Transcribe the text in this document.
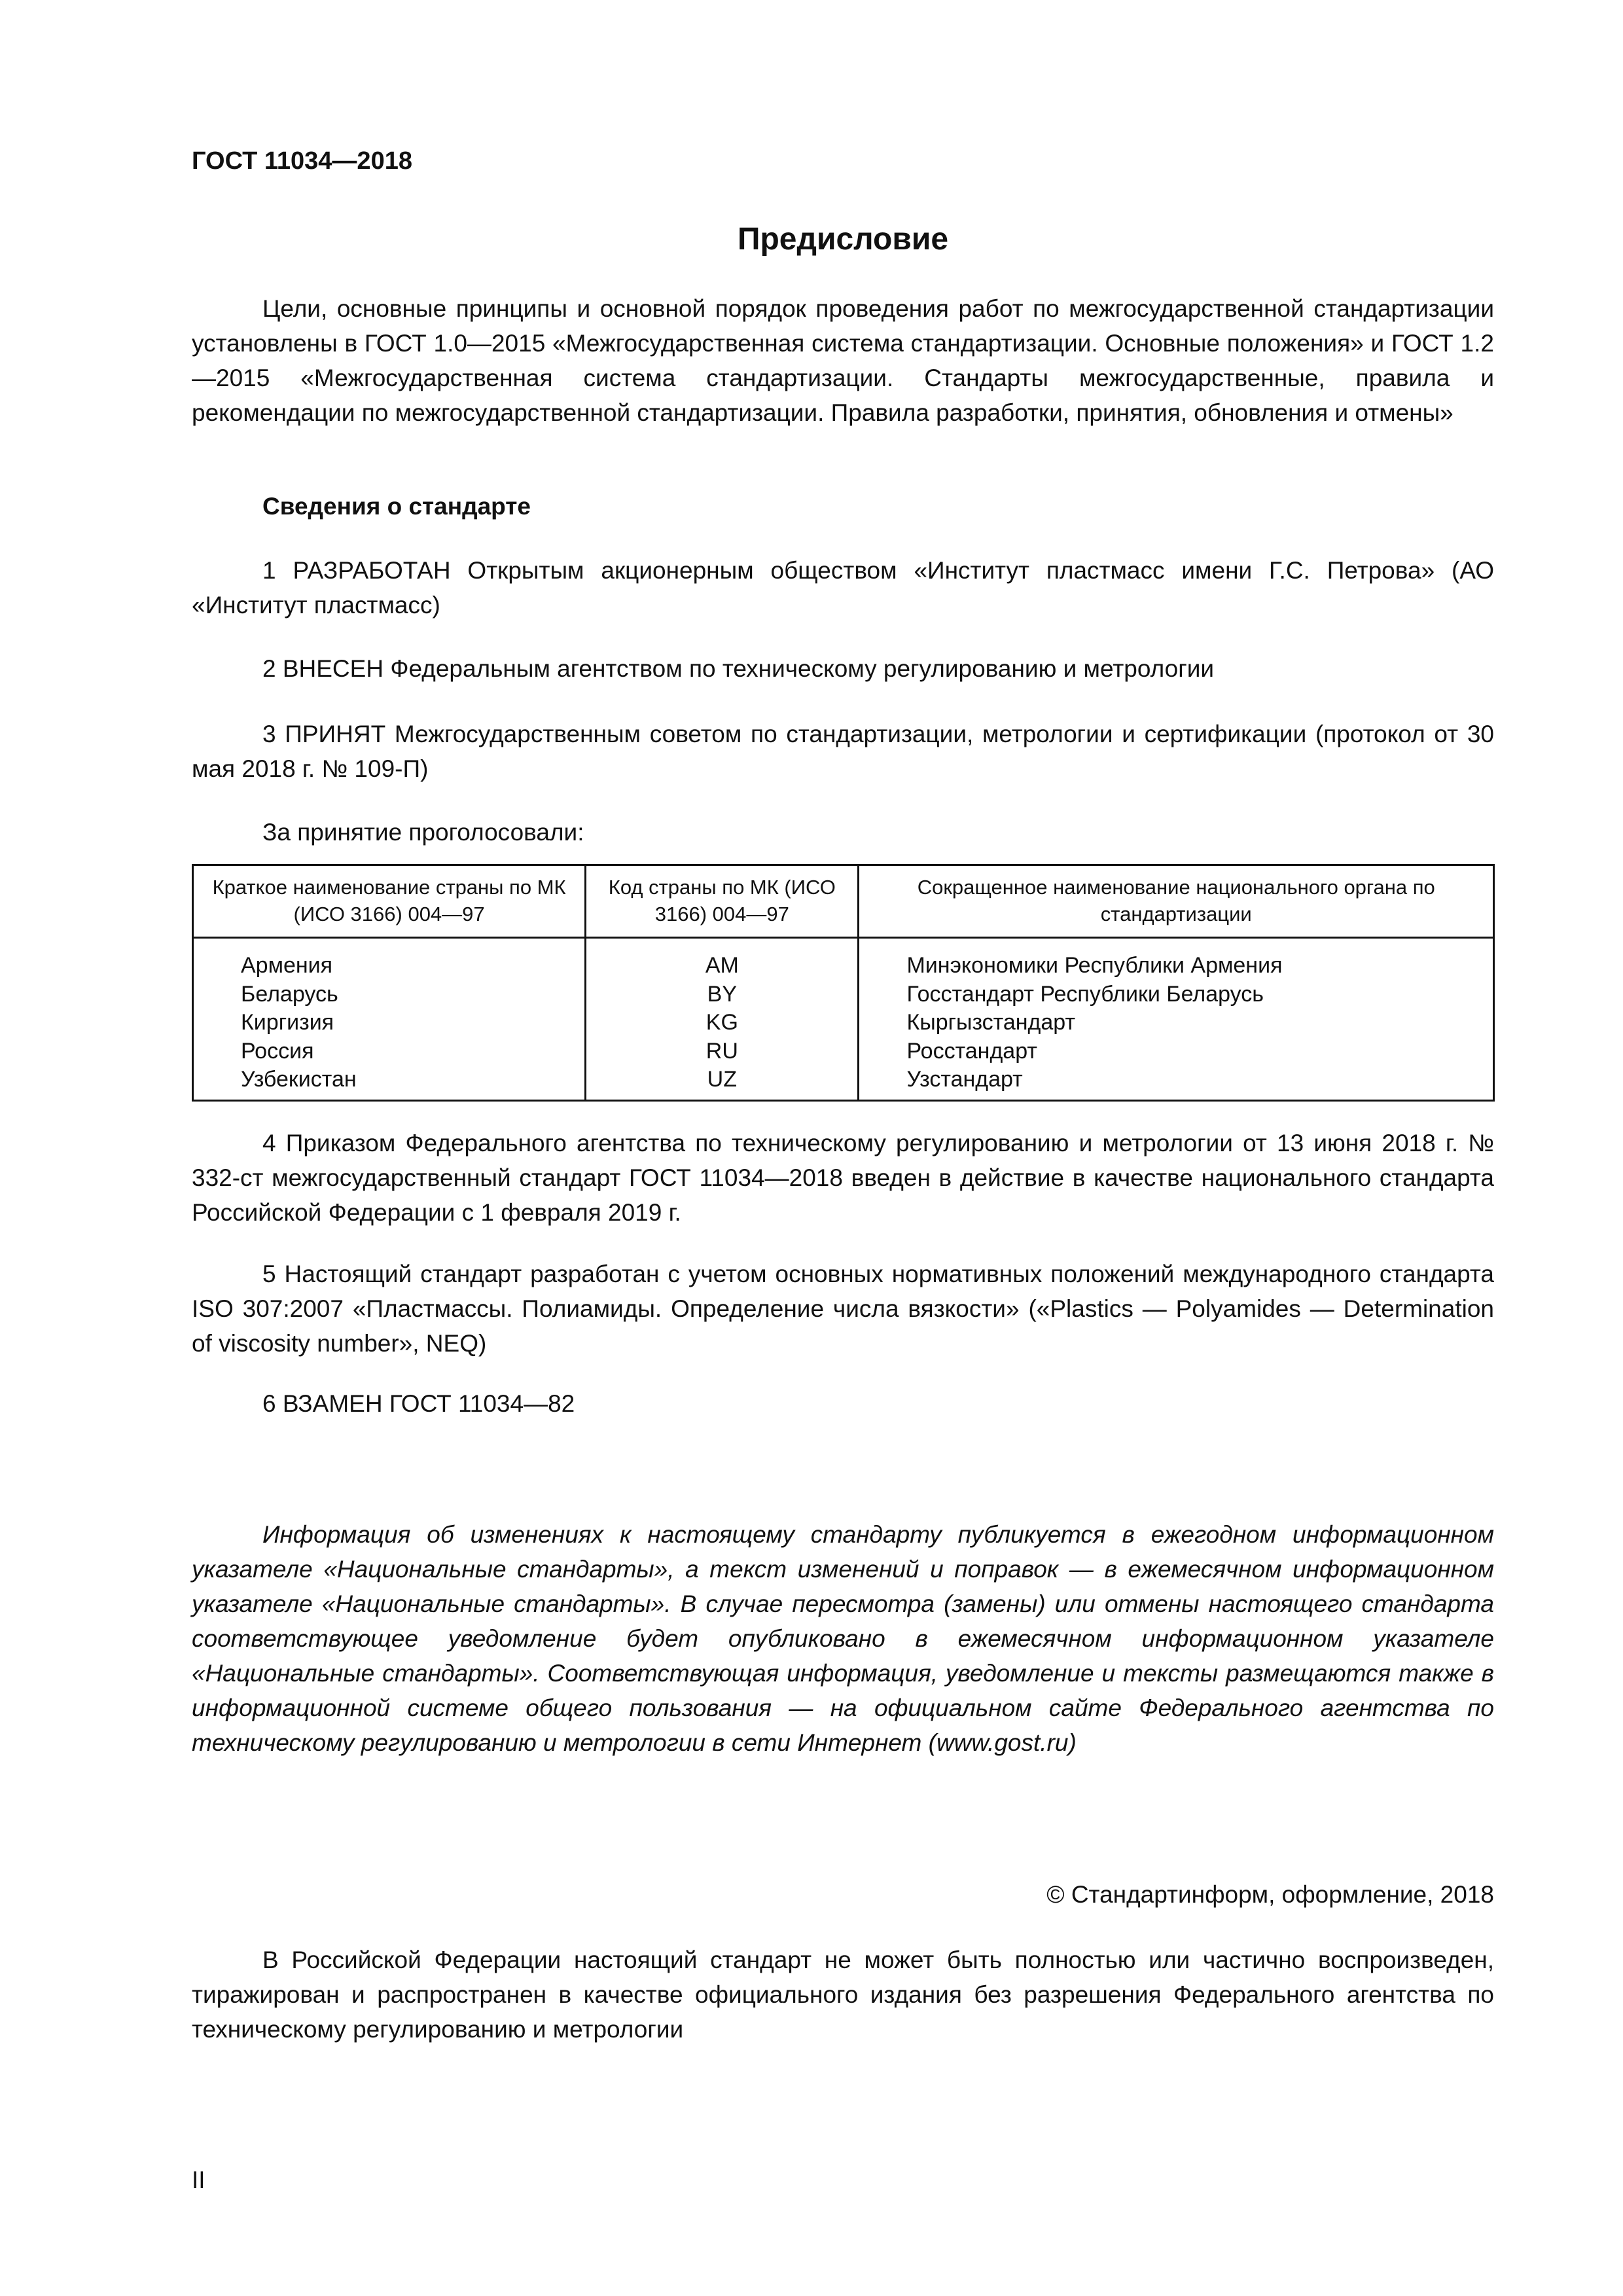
ГОСТ 11034—2018
Предисловие

Цели, основные принципы и основной порядок проведения работ по межгосударственной стандартизации установлены в ГОСТ 1.0—2015 «Межгосударственная система стандартизации. Основные положения» и ГОСТ 1.2—2015 «Межгосударственная система стандартизации. Стандарты межгосударственные, правила и рекомендации по межгосударственной стандартизации. Правила разработки, принятия, обновления и отмены»

Сведения о стандарте

1 РАЗРАБОТАН Открытым акционерным обществом «Институт пластмасс имени Г.С. Петрова» (АО «Институт пластмасс)

2 ВНЕСЕН Федеральным агентством по техническому регулированию и метрологии

3 ПРИНЯТ Межгосударственным советом по стандартизации, метрологии и сертификации (протокол от 30 мая 2018 г. № 109-П)

За принятие проголосовали:

Краткое наименование страны по МК (ИСО 3166) 004—97	Код страны по МК (ИСО 3166) 004—97	Сокращенное наименование национального органа по стандартизации
Армения	AM	Минэкономики Республики Армения
Беларусь	BY	Госстандарт Республики Беларусь
Киргизия	KG	Кыргызстандарт
Россия	RU	Росстандарт
Узбекистан	UZ	Узстандарт

4 Приказом Федерального агентства по техническому регулированию и метрологии от 13 июня 2018 г. № 332-ст межгосударственный стандарт ГОСТ 11034—2018 введен в действие в качестве национального стандарта Российской Федерации с 1 февраля 2019 г.

5 Настоящий стандарт разработан с учетом основных нормативных положений международного стандарта ISO 307:2007 «Пластмассы. Полиамиды. Определение числа вязкости» («Plastics — Polyamides — Determination of viscosity number», NEQ)

6 ВЗАМЕН ГОСТ 11034—82

Информация об изменениях к настоящему стандарту публикуется в ежегодном информационном указателе «Национальные стандарты», а текст изменений и поправок — в ежемесячном информационном указателе «Национальные стандарты». В случае пересмотра (замены) или отмены настоящего стандарта соответствующее уведомление будет опубликовано в ежемесячном информационном указателе «Национальные стандарты». Соответствующая информация, уведомление и тексты размещаются также в информационной системе общего пользования — на официальном сайте Федерального агентства по техническому регулированию и метрологии в сети Интернет (www.gost.ru)

© Стандартинформ, оформление, 2018

В Российской Федерации настоящий стандарт не может быть полностью или частично воспроизведен, тиражирован и распространен в качестве официального издания без разрешения Федерального агентства по техническому регулированию и метрологии

II
